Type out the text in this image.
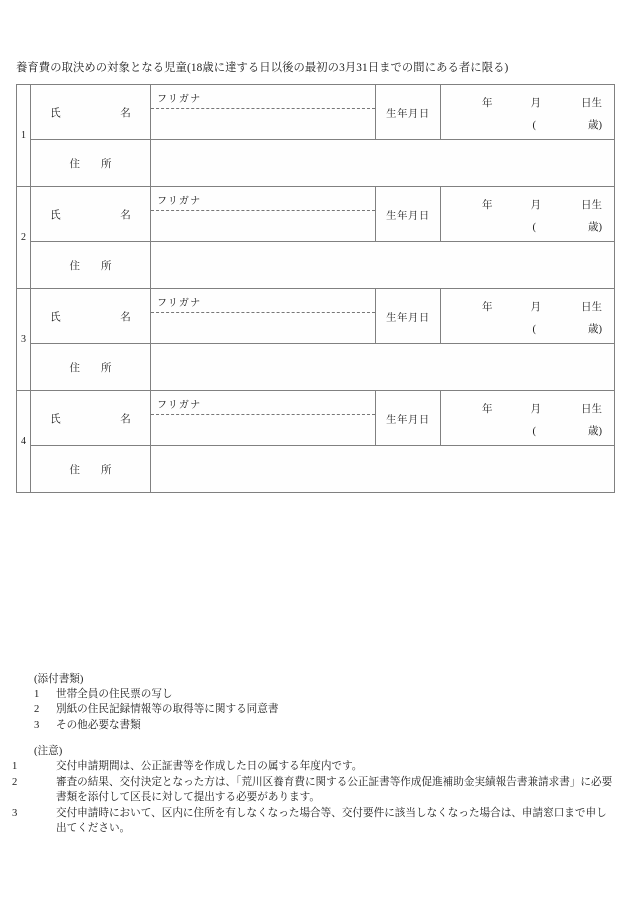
養育費の取決めの対象となる児童(18歳に達する日以後の最初の3月31日までの間にある者に限る)
1	氏　　名	フリガナ	生年月日	年 月 日生
( 歳)

	住　　所			
2	氏　　名	フリガナ	生年月日	年 月 日生
( 歳)

	住　　所			
3	氏　　名	フリガナ	生年月日	年 月 日生
( 歳)

	住　　所			
4	氏　　名	フリガナ	生年月日	年 月 日生
( 歳)

	住　　所			
(添付書類)
1 世帯全員の住民票の写し
2 別紙の住民記録情報等の取得等に関する同意書
3 その他必要な書類
(注意)
1	交付申請期間は、公正証書等を作成した日の属する年度内です。
2	審査の結果、交付決定となった方は、「荒川区養育費に関する公正証書等作成促進補助金実績報告書兼請求書」に必要書類を添付して区長に対して提出する必要があります。
3	交付申請時において、区内に住所を有しなくなった場合等、交付要件に該当しなくなった場合は、申請窓口まで申し出てください。
